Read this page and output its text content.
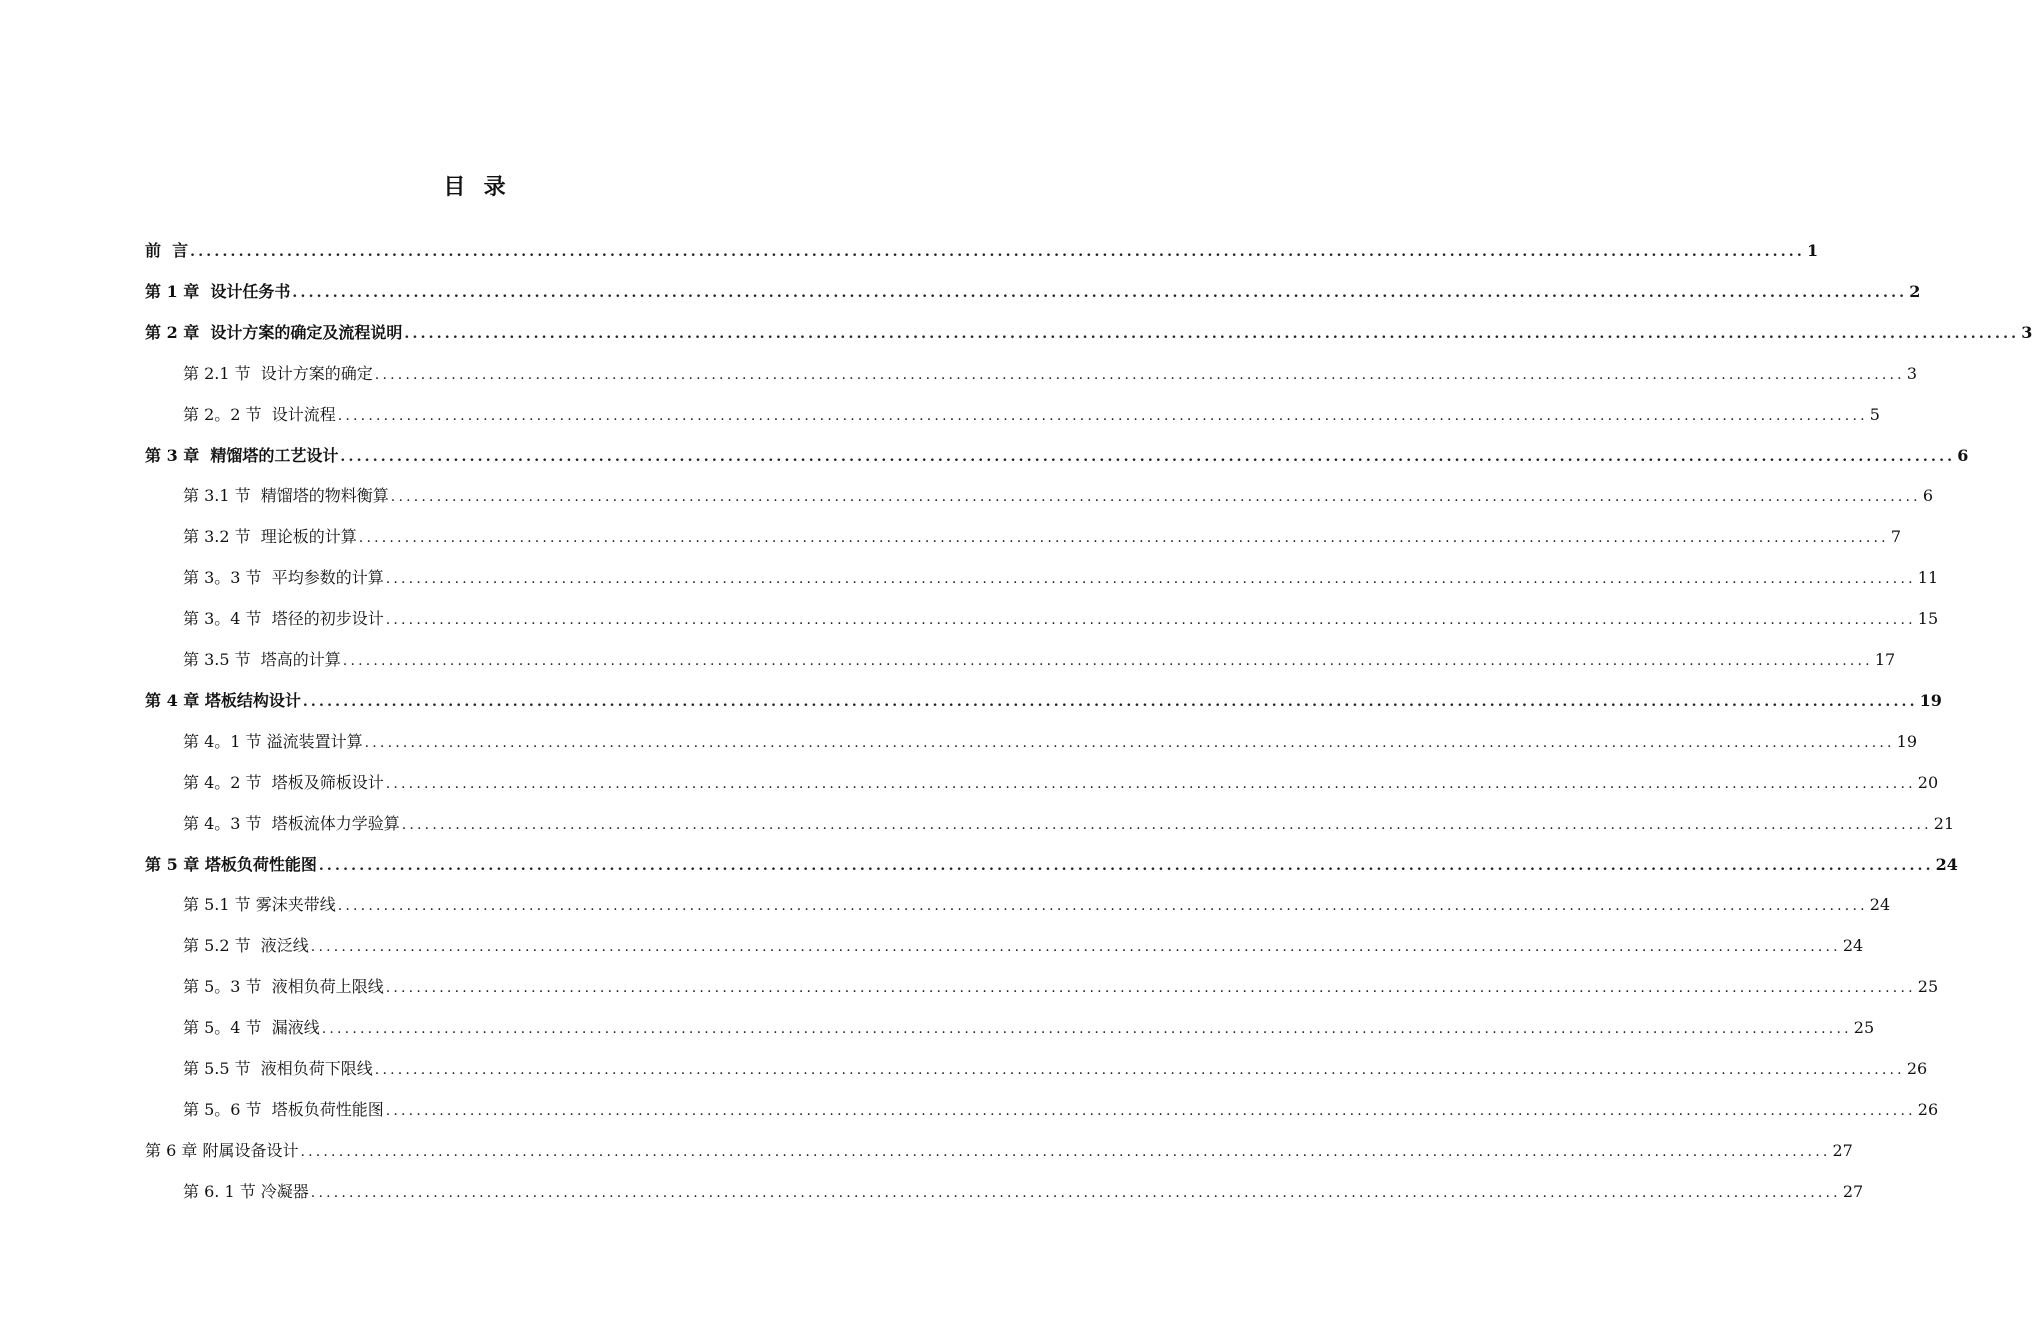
目  录
前  言 ........................................................................................................................................................................................................ 1
第 1 章  设计任务书 ........................................................................................................................................................................................................ 2
第 2 章  设计方案的确定及流程说明 ........................................................................................................................................................................................................ 3
第 2.1 节  设计方案的确定 ........................................................................................................................................................................................................ 3
第 2。2 节  设计流程 ........................................................................................................................................................................................................ 5
第 3 章  精馏塔的工艺设计 ........................................................................................................................................................................................................ 6
第 3.1 节  精馏塔的物料衡算 ........................................................................................................................................................................................................ 6
第 3.2 节  理论板的计算 ........................................................................................................................................................................................................ 7
第 3。3 节  平均参数的计算 ........................................................................................................................................................................................................ 11
第 3。4 节  塔径的初步设计 ........................................................................................................................................................................................................ 15
第 3.5 节  塔高的计算 ........................................................................................................................................................................................................ 17
第 4 章 塔板结构设计 ........................................................................................................................................................................................................ 19
第 4。1 节 溢流装置计算 ........................................................................................................................................................................................................ 19
第 4。2 节  塔板及筛板设计 ........................................................................................................................................................................................................ 20
第 4。3 节  塔板流体力学验算 ........................................................................................................................................................................................................ 21
第 5 章 塔板负荷性能图 ........................................................................................................................................................................................................ 24
第 5.1 节 雾沫夹带线 ........................................................................................................................................................................................................ 24
第 5.2 节  液泛线 ........................................................................................................................................................................................................ 24
第 5。3 节  液相负荷上限线 ........................................................................................................................................................................................................ 25
第 5。4 节  漏液线 ........................................................................................................................................................................................................ 25
第 5.5 节  液相负荷下限线 ........................................................................................................................................................................................................ 26
第 5。6 节  塔板负荷性能图 ........................................................................................................................................................................................................ 26
第 6 章 附属设备设计 ........................................................................................................................................................................................................ 27
第 6. 1 节 冷凝器 ........................................................................................................................................................................................................ 27
